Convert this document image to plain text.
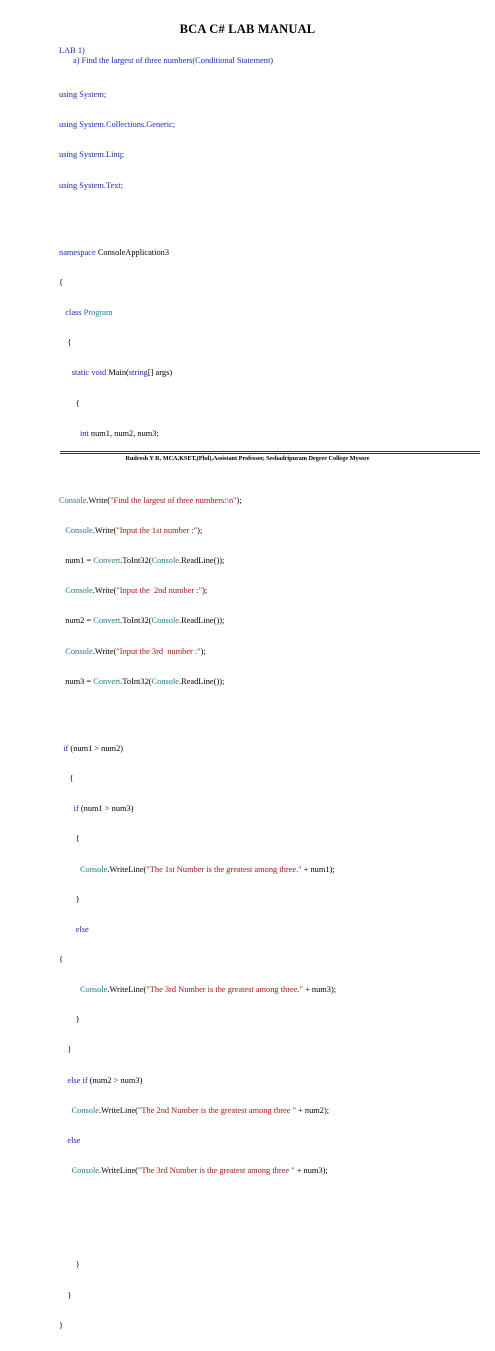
BCA C# LAB MANUAL
LAB 1)
a) Find the largest of three numbers(Conditional Statement)

using System;

using System.Collections.Generic;

using System.Linq;

using System.Text;

namespace ConsoleApplication3

{

class Program

{

static void Main(string[] args)

{

int num1, num2, num3;

Console.Write("Find the largest of three numbers:\n");

Console.Write("Input the 1st number :");

num1 = Convert.ToInt32(Console.ReadLine());

Console.Write("Input the  2nd number :");

num2 = Convert.ToInt32(Console.ReadLine());

Console.Write("Input the 3rd  number :");

num3 = Convert.ToInt32(Console.ReadLine());

if (num1 > num2)

{

if (num1 > num3)

{

Console.WriteLine("The 1st Number is the greatest among three." + num1);

}

else

{

Console.WriteLine("The 3rd Number is the greatest among three." + num3);

}

}

else if (num2 > num3)

Console.WriteLine("The 2nd Number is the greatest among three " + num2);

else

Console.WriteLine("The 3rd Number is the greatest among three " + num3);

}

}

}

Rudresh Y R, MCA,KSET,(Phd),Assistant Professor, Seshadripuram Degree College Mysore
